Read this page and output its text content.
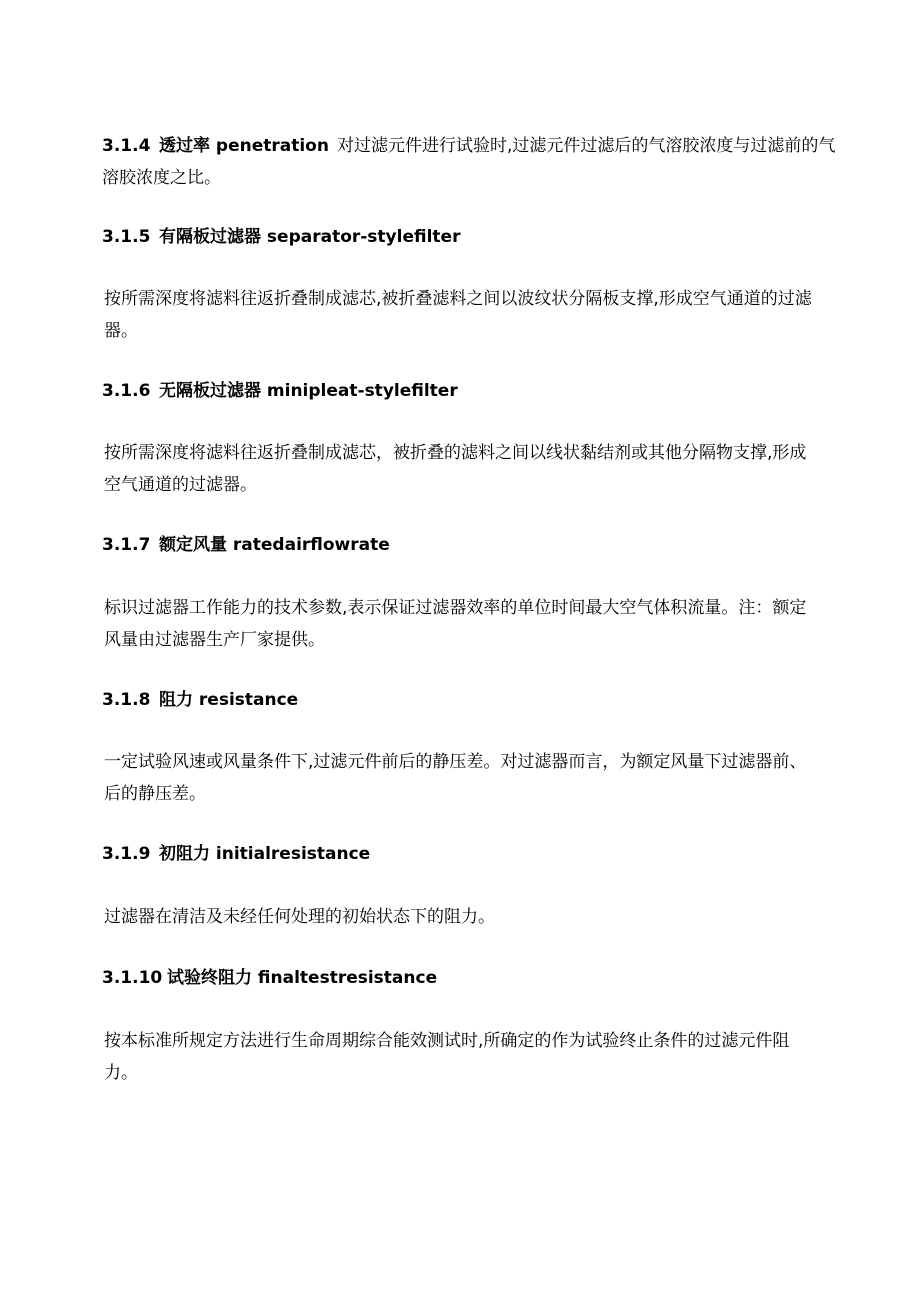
3.1.4 透过率 penetration 对过滤元件进行试验时,过滤元件过滤后的气溶胶浓度与过滤前的气
溶胶浓度之比。
3.1.5 有隔板过滤器 separator-stylefilter
按所需深度将滤料往返折叠制成滤芯,被折叠滤料之间以波纹状分隔板支撑,形成空气通道的过滤
器。
3.1.6 无隔板过滤器 minipleat-stylefilter
按所需深度将滤料往返折叠制成滤芯，被折叠的滤料之间以线状黏结剂或其他分隔物支撑,形成
空气通道的过滤器。
3.1.7 额定风量 ratedairflowrate
标识过滤器工作能力的技术参数,表示保证过滤器效率的单位时间最大空气体积流量。注：额定
风量由过滤器生产厂家提供。
3.1.8 阻力 resistance
一定试验风速或风量条件下,过滤元件前后的静压差。对过滤器而言，为额定风量下过滤器前、
后的静压差。
3.1.9 初阻力 initialresistance
过滤器在清洁及未经任何处理的初始状态下的阻力。
3.1.10 试验终阻力 finaltestresistance
按本标准所规定方法进行生命周期综合能效测试时,所确定的作为试验终止条件的过滤元件阻
力。
